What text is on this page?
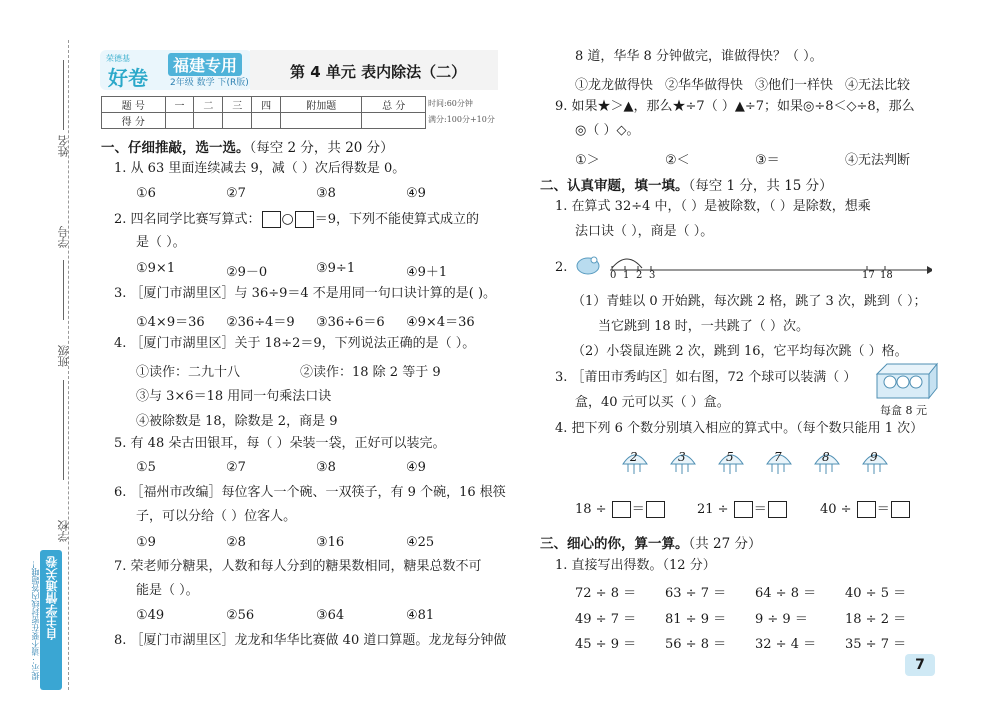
姓名
学号
班级
学校
自主学情通关卷
提示：请不要在密封线内答题哦！
荣德基
好卷
福建专用
2年级 数学 下(R版)
第 4 单元 表内除法（二）
题 号	一	二	三	四	附加题	总 分
得 分						
时间:60分钟
满分:100分+10分
一、仔细推敲，选一选。（每空 2 分，共 20 分）
1. 从 63 里面连续减去 9，减（ ）次后得数是 0。
①6	②7	③8	④9
2. 四名同学比赛写算式： ○ ＝9，下列不能使算式成立的
是（ ）。
①9×1	②9－0	③9÷1	④9＋1
3. ［厦门市湖里区］与 36÷9＝4 不是用同一句口诀计算的是( )。
①4×9＝36 ②36÷4＝9 ③36÷6＝6 ④9×4＝36
4. ［厦门市湖里区］关于 18÷2＝9，下列说法正确的是（ ）。
①读作：二九十八	②读作：18 除 2 等于 9
③与 3×6＝18 用同一句乘法口诀
④被除数是 18，除数是 2，商是 9
5. 有 48 朵古田银耳，每（ ）朵装一袋，正好可以装完。
①5	②7	③8	④9
6. ［福州市改编］每位客人一个碗、一双筷子，有 9 个碗，16 根筷
子，可以分给（ ）位客人。
①9	②8	③16	④25
7. 荣老师分糖果，人数和每人分到的糖果数相同，糖果总数不可
能是（ ）。
①49	②56	③64	④81
8. ［厦门市湖里区］龙龙和华华比赛做 40 道口算题。龙龙每分钟做
8 道，华华 8 分钟做完，谁做得快？（ ）。
①龙龙做得快 ②华华做得快 ③他们一样快 ④无法比较
9. 如果★＞▲，那么★÷7（ ）▲÷7；如果◎÷8＜◇÷8，那么
◎（ ）◇。
①＞	②＜	③＝	④无法判断
二、认真审题，填一填。（每空 1 分，共 15 分）
1. 在算式 32÷4 中，（ ）是被除数，（ ）是除数，想乘
法口诀（ ），商是（ ）。
2.
0 1 2 3	17 18
（1）青蛙以 0 开始跳，每次跳 2 格，跳了 3 次，跳到（ ）；
当它跳到 18 时，一共跳了（ ）次。
（2）小袋鼠连跳 2 次，跳到 16，它平均每次跳（ ）格。
3. ［莆田市秀屿区］如右图，72 个球可以装满（ ）
盒，40 元可以买（ ）盒。
每盒 8 元
4. 把下列 6 个数分别填入相应的算式中。（每个数只能用 1 次）
2	3	5	7	8	9
18 ÷ ＝	21 ÷ ＝	40 ÷ ＝
三、细心的你，算一算。（共 27 分）
1. 直接写出得数。（12 分）
72 ÷ 8 ＝ 63 ÷ 7 ＝ 64 ÷ 8 ＝ 40 ÷ 5 ＝
49 ÷ 7 ＝ 81 ÷ 9 ＝ 9 ÷ 9 ＝	18 ÷ 2 ＝
45 ÷ 9 ＝ 56 ÷ 8 ＝ 32 ÷ 4 ＝ 35 ÷ 7 ＝
7
